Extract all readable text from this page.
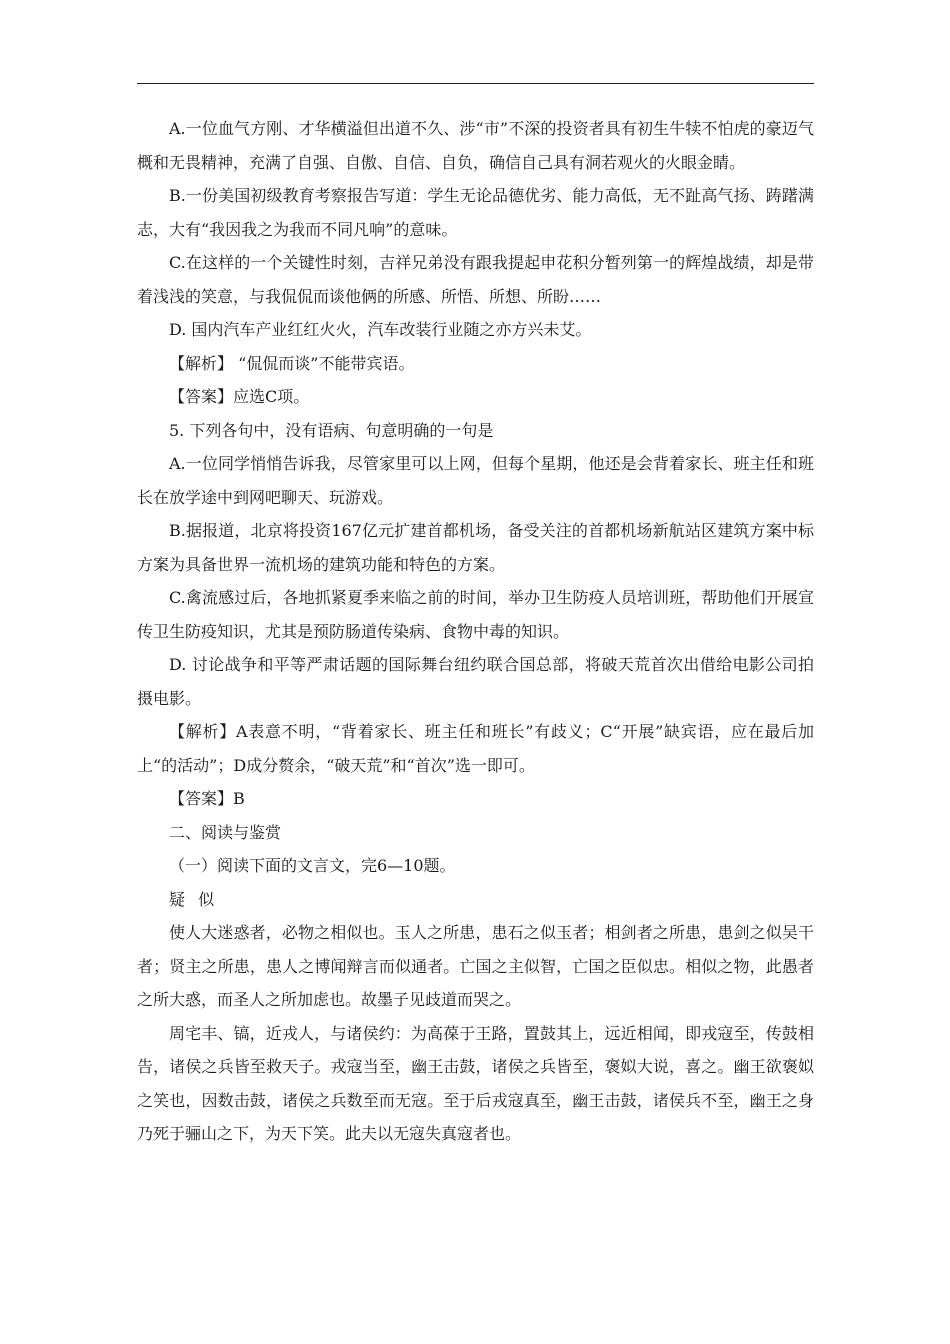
A.一位血气方刚、才华横溢但出道不久、涉“市”不深的投资者具有初生牛犊不怕虎的豪迈气概和无畏精神，充满了自强、自傲、自信、自负，确信自己具有洞若观火的火眼金睛。

B.一份美国初级教育考察报告写道：学生无论品德优劣、能力高低，无不趾高气扬、踌躇满志，大有“我因我之为我而不同凡响”的意味。

C.在这样的一个关键性时刻，吉祥兄弟没有跟我提起申花积分暂列第一的辉煌战绩，却是带着浅浅的笑意，与我侃侃而谈他俩的所感、所悟、所想、所盼……

D. 国内汽车产业红红火火，汽车改装行业随之亦方兴未艾。

【解析】 “侃侃而谈”不能带宾语。

【答案】应选C项。

5. 下列各句中，没有语病、句意明确的一句是

A.一位同学悄悄告诉我，尽管家里可以上网，但每个星期，他还是会背着家长、班主任和班长在放学途中到网吧聊天、玩游戏。

B.据报道，北京将投资167亿元扩建首都机场，备受关注的首都机场新航站区建筑方案中标方案为具备世界一流机场的建筑功能和特色的方案。

C.禽流感过后，各地抓紧夏季来临之前的时间，举办卫生防疫人员培训班，帮助他们开展宣传卫生防疫知识，尤其是预防肠道传染病、食物中毒的知识。

D. 讨论战争和平等严肃话题的国际舞台纽约联合国总部，将破天荒首次出借给电影公司拍摄电影。

【解析】A表意不明，“背着家长、班主任和班长”有歧义；C“开展”缺宾语，应在最后加上“的活动”；D成分赘余，“破天荒”和“首次”选一即可。

【答案】B

二、阅读与鉴赏

（一）阅读下面的文言文，完6—10题。

疑 似

使人大迷惑者，必物之相似也。玉人之所患，患石之似玉者；相剑者之所患，患剑之似吴干者；贤主之所患，患人之博闻辩言而似通者。亡国之主似智，亡国之臣似忠。相似之物，此愚者之所大惑，而圣人之所加虑也。故墨子见歧道而哭之。

周宅丰、镐，近戎人，与诸侯约：为高葆于王路，置鼓其上，远近相闻，即戎寇至，传鼓相告，诸侯之兵皆至救天子。戎寇当至，幽王击鼓，诸侯之兵皆至，褒姒大说，喜之。幽王欲褒姒之笑也，因数击鼓，诸侯之兵数至而无寇。至于后戎寇真至，幽王击鼓，诸侯兵不至，幽王之身乃死于骊山之下，为天下笑。此夫以无寇失真寇者也。
